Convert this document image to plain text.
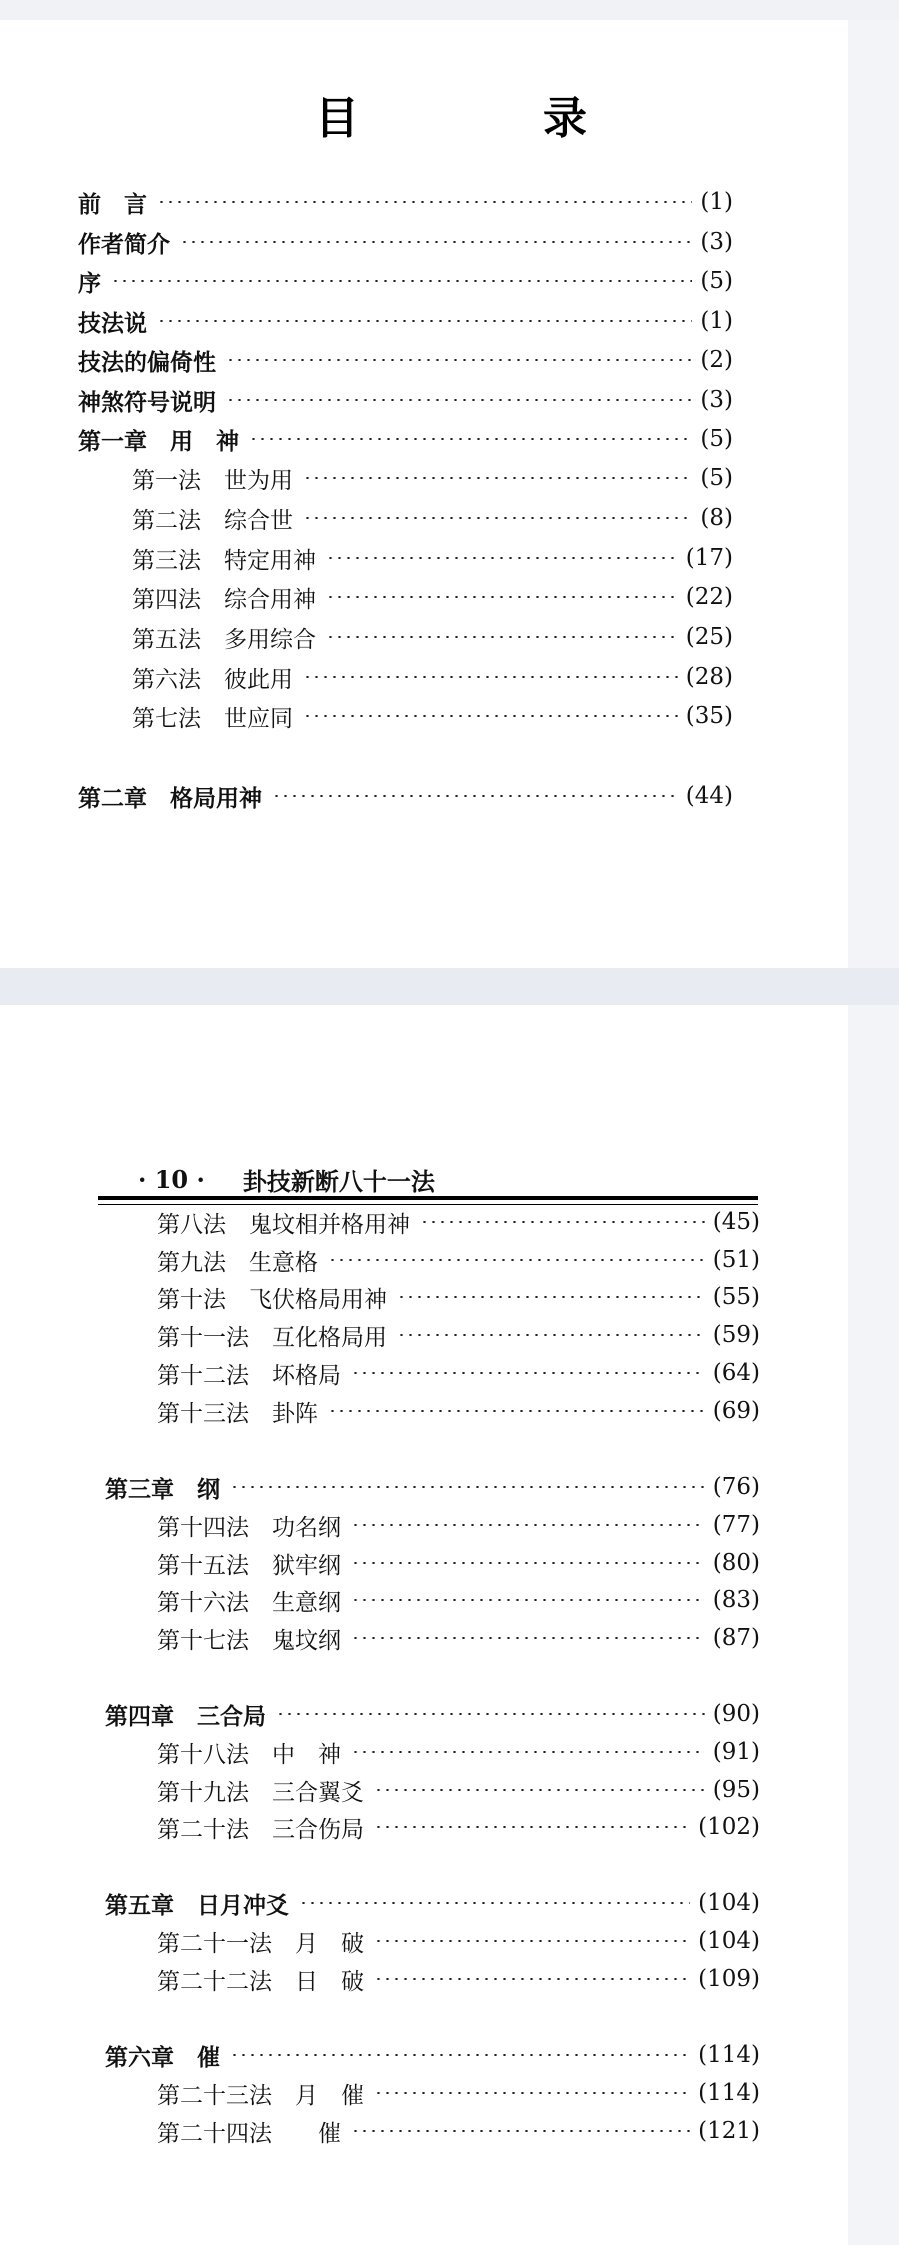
目　录
· 10 · 卦技新断八十一法
前　言	(1)
作者简介	(3)
序	(5)
技法说	(1)
技法的偏倚性	(2)
神煞符号说明	(3)
第一章　用　神	(5)
第一法　世为用	(5)
第二法　综合世	(8)
第三法　特定用神	(17)
第四法　综合用神	(22)
第五法　多用综合	(25)
第六法　彼此用	(28)
第七法　世应同	(35)
第二章　格局用神	(44)
第八法　鬼坟相并格用神	(45)
第九法　生意格	(51)
第十法　飞伏格局用神	(55)
第十一法　互化格局用	(59)
第十二法　坏格局	(64)
第十三法　卦阵	(69)
第三章　纲	(76)
第十四法　功名纲	(77)
第十五法　狱牢纲	(80)
第十六法　生意纲	(83)
第十七法　鬼坟纲	(87)
第四章　三合局	(90)
第十八法　中　神	(91)
第十九法　三合翼爻	(95)
第二十法　三合伤局	(102)
第五章　日月冲爻	(104)
第二十一法　月　破	(104)
第二十二法　日　破	(109)
第六章　催	(114)
第二十三法　月　催	(114)
第二十四法　　催	(121)
